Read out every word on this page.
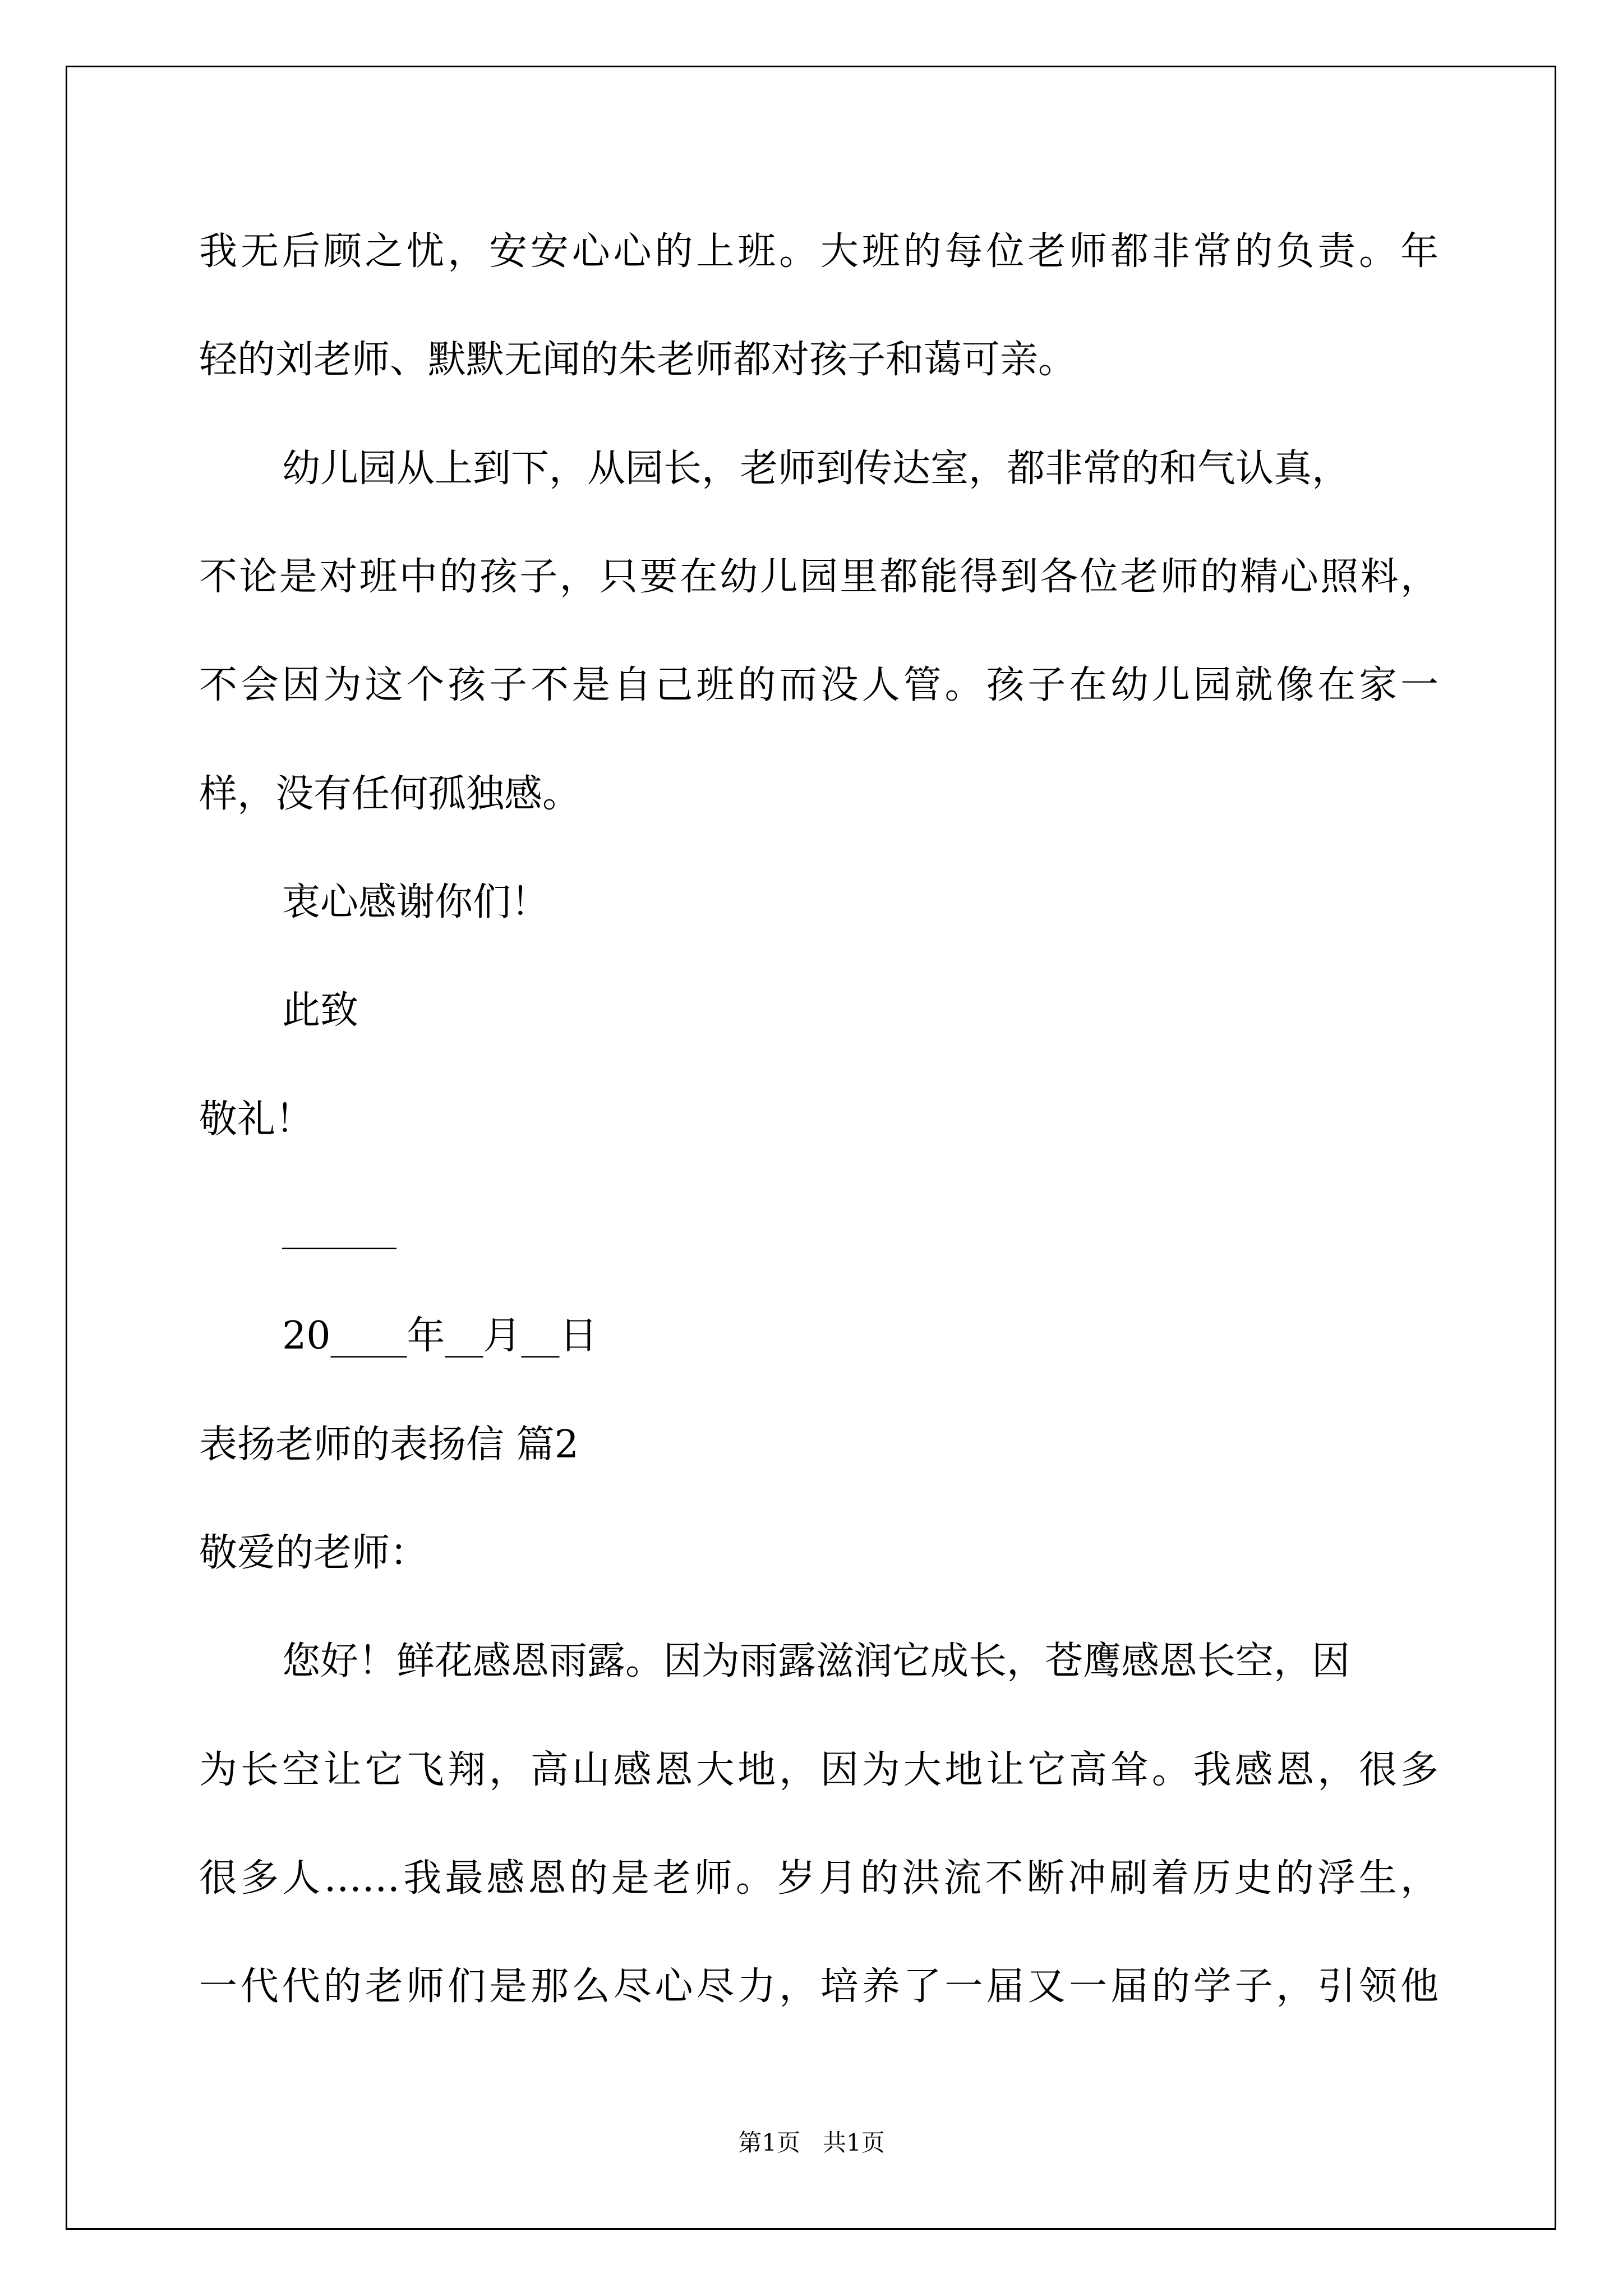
我无后顾之忧，安安心心的上班。大班的每位老师都非常的负责。年
轻的刘老师、默默无闻的朱老师都对孩子和蔼可亲。
幼儿园从上到下，从园长，老师到传达室，都非常的和气认真，
不论是对班中的孩子，只要在幼儿园里都能得到各位老师的精心照料，
不会因为这个孩子不是自己班的而没人管。孩子在幼儿园就像在家一
样，没有任何孤独感。
衷心感谢你们！
此致
敬礼！
______
20____年__月__日
表扬老师的表扬信 篇2
敬爱的老师：
您好！鲜花感恩雨露。因为雨露滋润它成长，苍鹰感恩长空，因
为长空让它飞翔，高山感恩大地，因为大地让它高耸。我感恩，很多
很多人……我最感恩的是老师。岁月的洪流不断冲刷着历史的浮生，
一代代的老师们是那么尽心尽力，培养了一届又一届的学子，引领他
第1页   共1页
